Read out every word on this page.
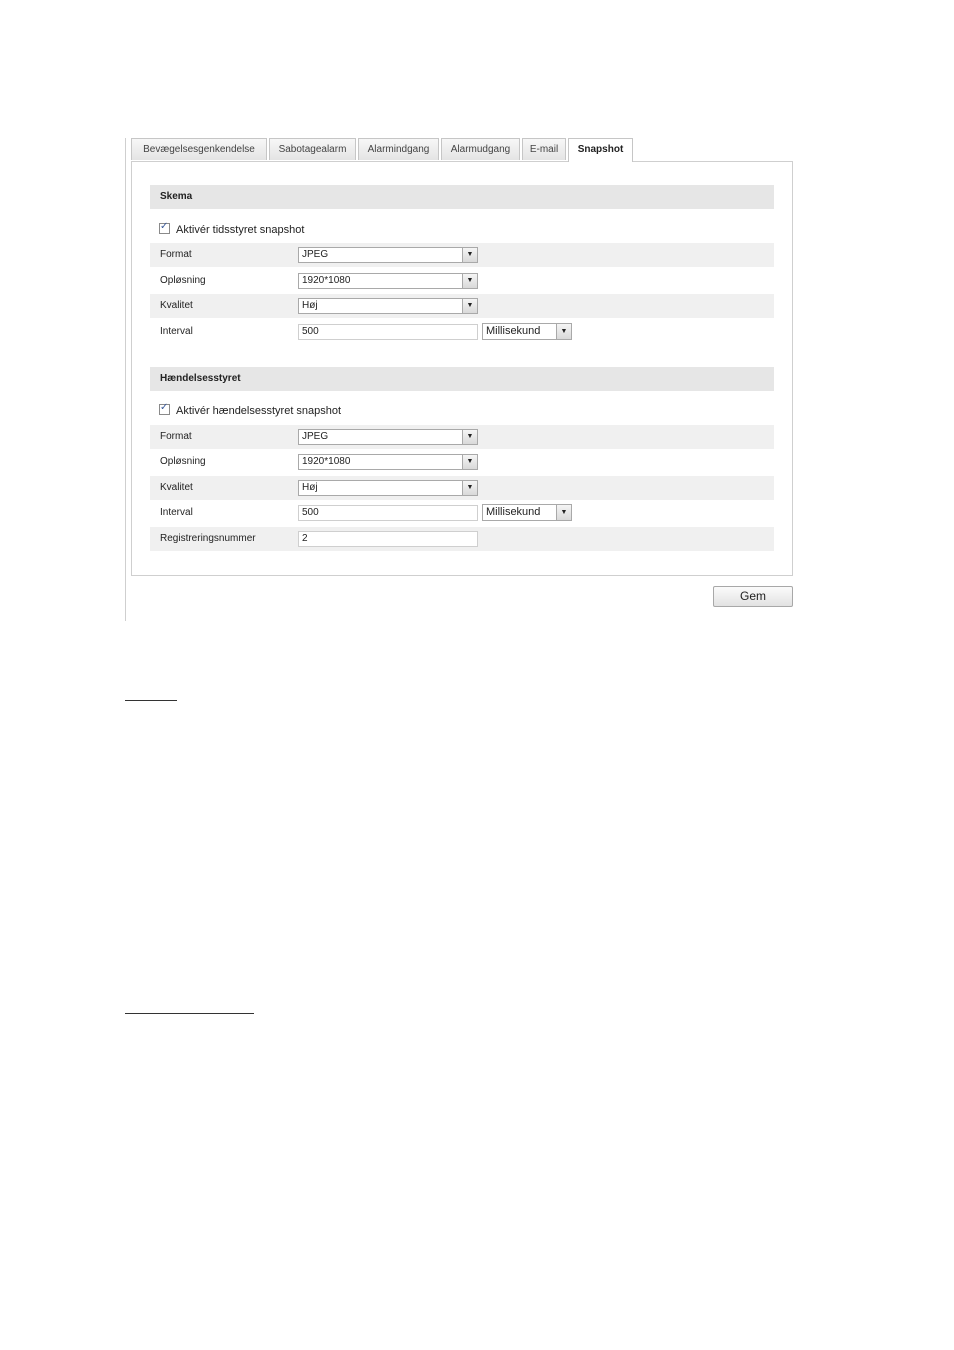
Bevægelsesgenkendelse	Sabotagealarm	Alarmindgang	Alarmudgang	E-mail	Snapshot
Skema
✓ Aktivér tidsstyret snapshot
Format	JPEG	▼
Opløsning	1920*1080	▼
Kvalitet	Høj	▼
Interval	500	Millisekund	▼
Hændelsesstyret
✓ Aktivér hændelsesstyret snapshot
Format	JPEG	▼
Opløsning	1920*1080	▼
Kvalitet	Høj	▼
Interval	500	Millisekund	▼
Registreringsnummer	2
Gem
